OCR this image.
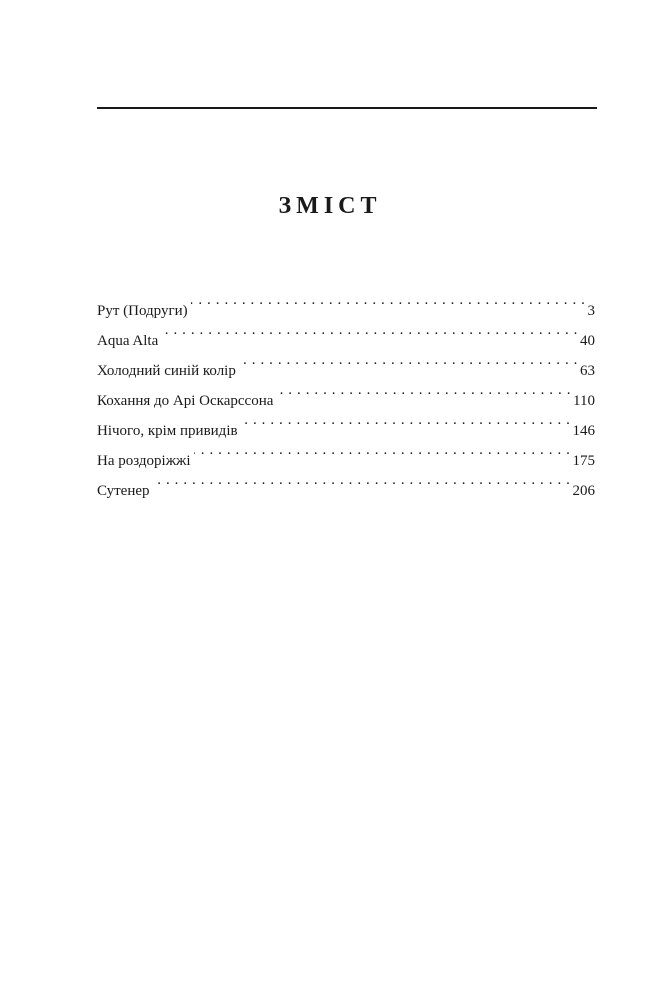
ЗМІСТ
Рут (Подруги) . . .	3
Aqua Alta . . .	40
Холодний синій колір . . .	63
Кохання до Арі Оскарссона . . .	110
Нічого, крім привидів . . .	146
На роздоріжжі . . .	175
Сутенер . . .	206
